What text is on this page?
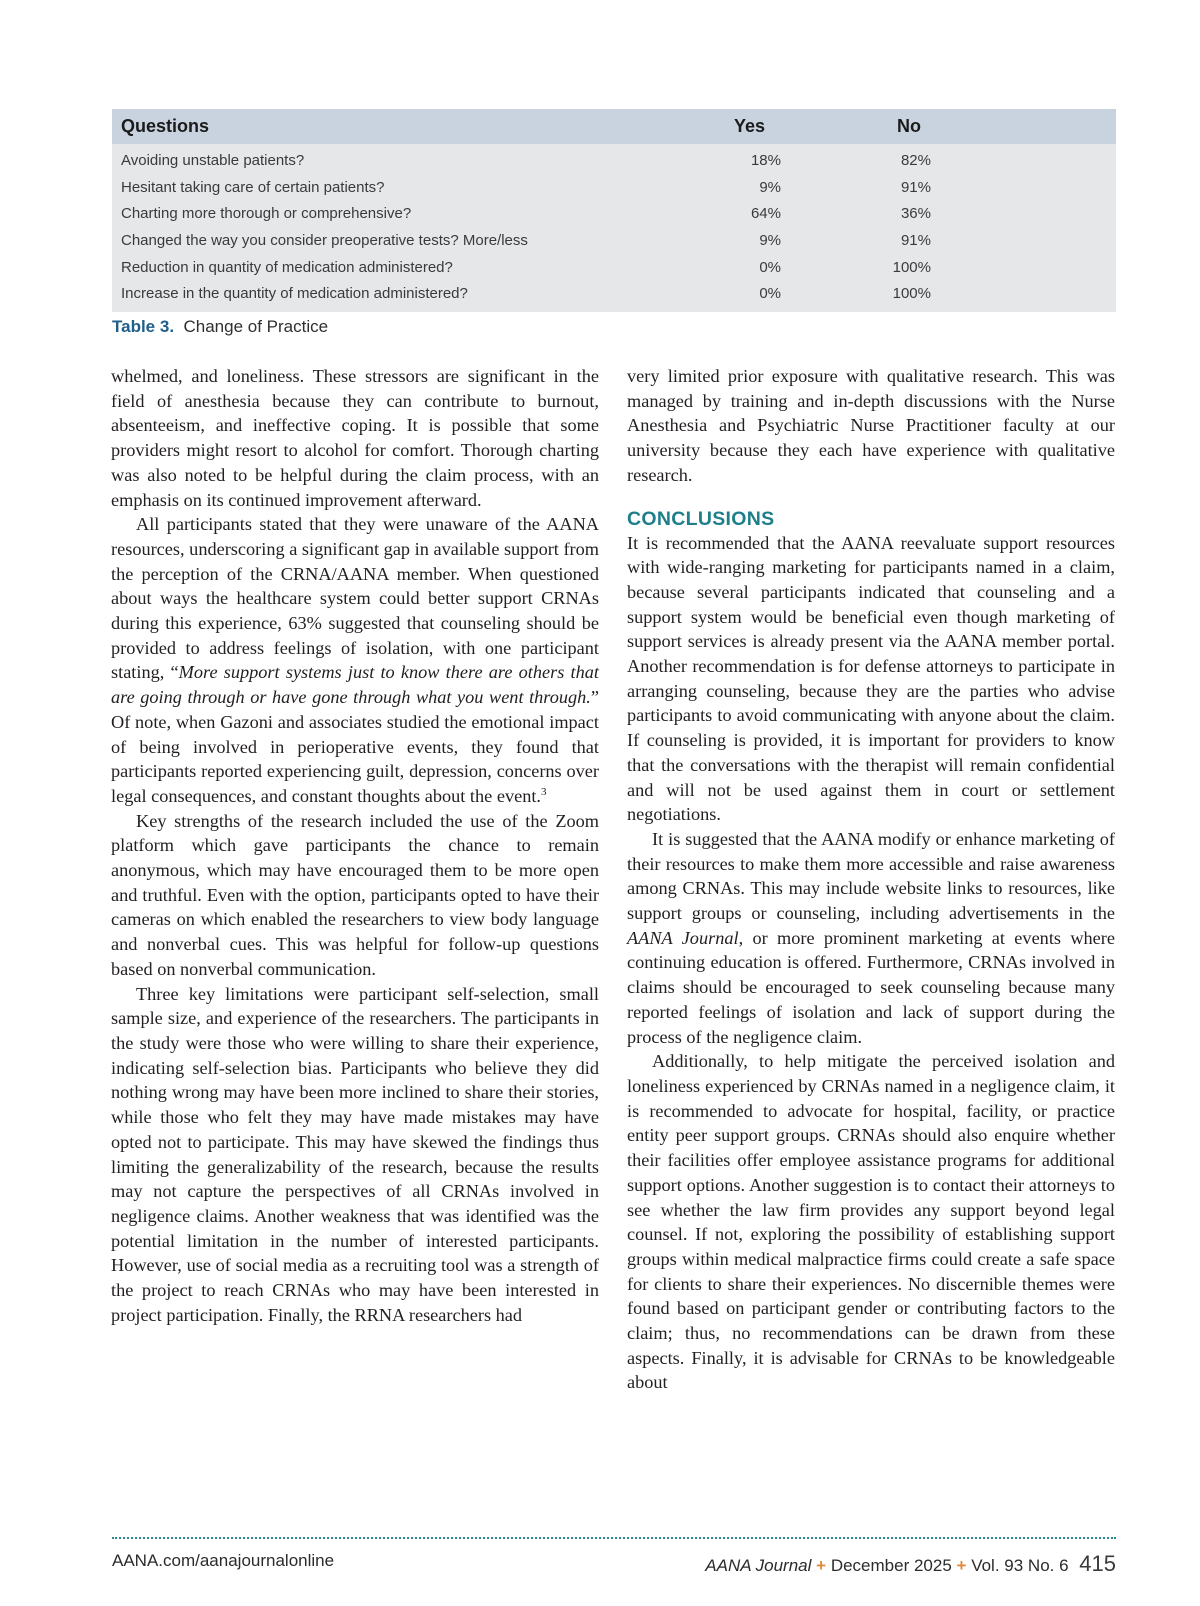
Questions	Yes	No
Avoiding unstable patients?	18%	82%
Hesitant taking care of certain patients?	9%	91%
Charting more thorough or comprehensive?	64%	36%
Changed the way you consider preoperative tests? More/less	9%	91%
Reduction in quantity of medication administered?	0%	100%
Increase in the quantity of medication administered?	0%	100%
Table 3. Change of Practice

whelmed, and loneliness. These stressors are significant in the field of anesthesia because they can contribute to burnout, absenteeism, and ineffective coping. It is possible that some providers might resort to alcohol for comfort. Thorough charting was also noted to be helpful during the claim process, with an emphasis on its continued improvement afterward.

All participants stated that they were unaware of the AANA resources, underscoring a significant gap in available support from the perception of the CRNA/AANA member. When questioned about ways the healthcare system could better support CRNAs during this experience, 63% suggested that counseling should be provided to address feelings of isolation, with one participant stating, “More support systems just to know there are others that are going through or have gone through what you went through.” Of note, when Gazoni and associates studied the emotional impact of being involved in perioperative events, they found that participants reported experiencing guilt, depression, concerns over legal consequences, and constant thoughts about the event.$^3$

Key strengths of the research included the use of the Zoom platform which gave participants the chance to remain anonymous, which may have encouraged them to be more open and truthful. Even with the option, participants opted to have their cameras on which enabled the researchers to view body language and nonverbal cues. This was helpful for follow-up questions based on nonverbal communication.

Three key limitations were participant self-selection, small sample size, and experience of the researchers. The participants in the study were those who were willing to share their experience, indicating self-selection bias. Participants who believe they did nothing wrong may have been more inclined to share their stories, while those who felt they may have made mistakes may have opted not to participate. This may have skewed the findings thus limiting the generalizability of the research, because the results may not capture the perspectives of all CRNAs involved in negligence claims. Another weakness that was identified was the potential limitation in the number of interested participants. However, use of social media as a recruiting tool was a strength of the project to reach CRNAs who may have been interested in project participation. Finally, the RRNA researchers had

very limited prior exposure with qualitative research. This was managed by training and in-depth discussions with the Nurse Anesthesia and Psychiatric Nurse Practitioner faculty at our university because they each have experience with qualitative research.

CONCLUSIONS

It is recommended that the AANA reevaluate support resources with wide-ranging marketing for participants named in a claim, because several participants indicated that counseling and a support system would be beneficial even though marketing of support services is already present via the AANA member portal. Another recommendation is for defense attorneys to participate in arranging counseling, because they are the parties who advise participants to avoid communicating with anyone about the claim. If counseling is provided, it is important for providers to know that the conversations with the therapist will remain confidential and will not be used against them in court or settlement negotiations.

It is suggested that the AANA modify or enhance marketing of their resources to make them more accessible and raise awareness among CRNAs. This may include website links to resources, like support groups or counseling, including advertisements in the AANA Journal, or more prominent marketing at events where continuing education is offered. Furthermore, CRNAs involved in claims should be encouraged to seek counseling because many reported feelings of isolation and lack of support during the process of the negligence claim.

Additionally, to help mitigate the perceived isolation and loneliness experienced by CRNAs named in a negligence claim, it is recommended to advocate for hospital, facility, or practice entity peer support groups. CRNAs should also enquire whether their facilities offer employee assistance programs for additional support options. Another suggestion is to contact their attorneys to see whether the law firm provides any support beyond legal counsel. If not, exploring the possibility of establishing support groups within medical malpractice firms could create a safe space for clients to share their experiences. No discernible themes were found based on participant gender or contributing factors to the claim; thus, no recommendations can be drawn from these aspects. Finally, it is advisable for CRNAs to be knowledgeable about

AANA.com/aanajournalonline	AANA Journal + December 2025 + Vol. 93 No. 6 415
